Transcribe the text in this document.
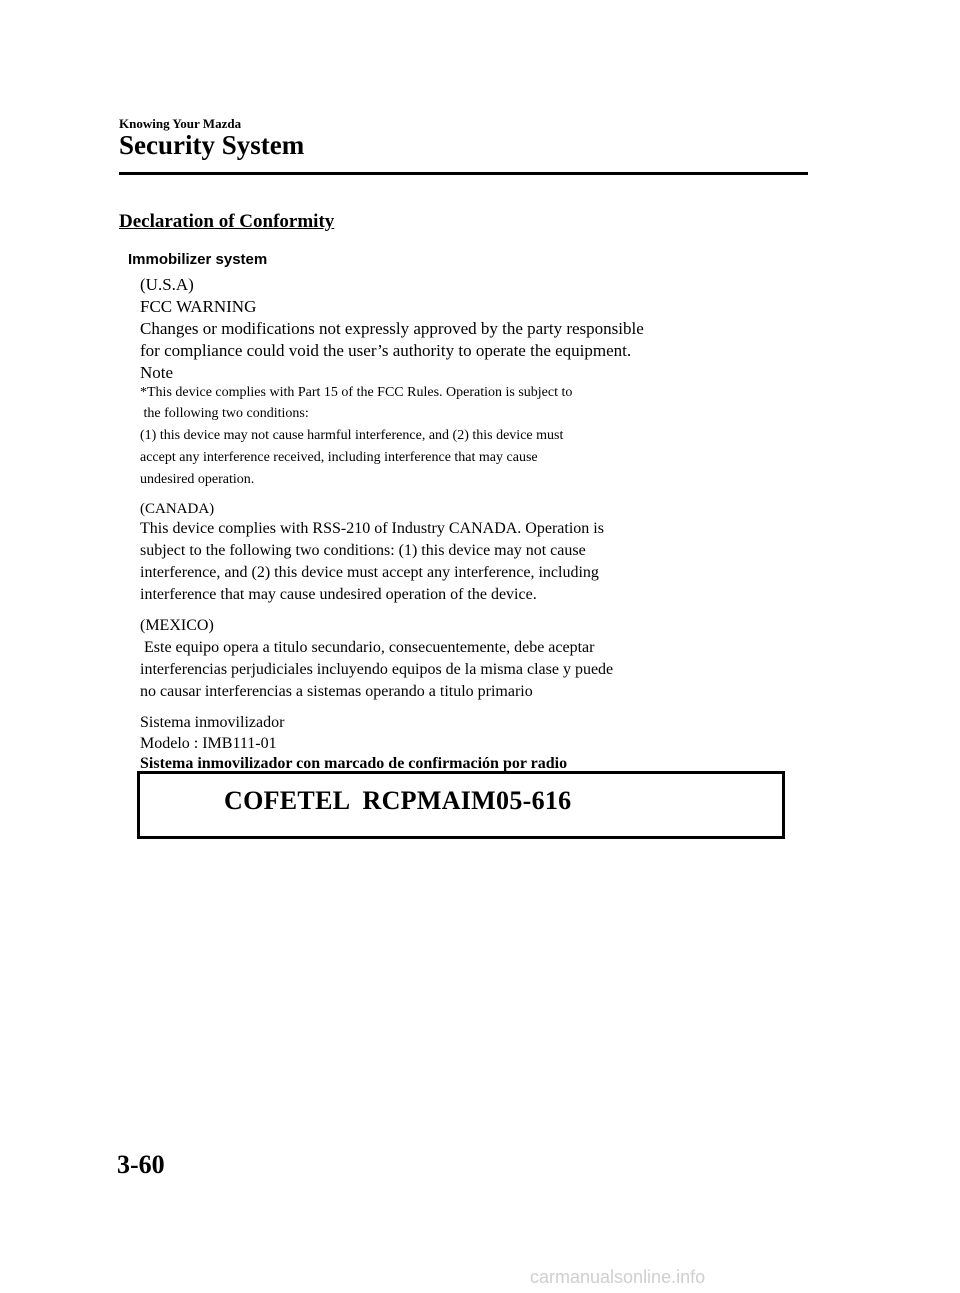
Knowing Your Mazda
Security System
Declaration of Conformity
Immobilizer system
(U.S.A)
FCC WARNING
Changes or modifications not expressly approved by the party responsible
for compliance could void the user’s authority to operate the equipment.
Note
*This device complies with Part 15 of the FCC Rules. Operation is subject to
the following two conditions:
(1) this device may not cause harmful interference, and (2) this device must
accept any interference received, including interference that may cause
undesired operation.
(CANADA)
This device complies with RSS-210 of Industry CANADA. Operation is
subject to the following two conditions: (1) this device may not cause
interference, and (2) this device must accept any interference, including
interference that may cause undesired operation of the device.
(MEXICO)
Este equipo opera a titulo secundario, consecuentemente, debe aceptar
interferencias perjudiciales incluyendo equipos de la misma clase y puede
no causar interferencias a sistemas operando a titulo primario
Sistema inmovilizador
Modelo : IMB111-01
Sistema inmovilizador con marcado de confirmación por radio
COFETEL  RCPMAIM05-616
3-60
carmanualsonline.info
